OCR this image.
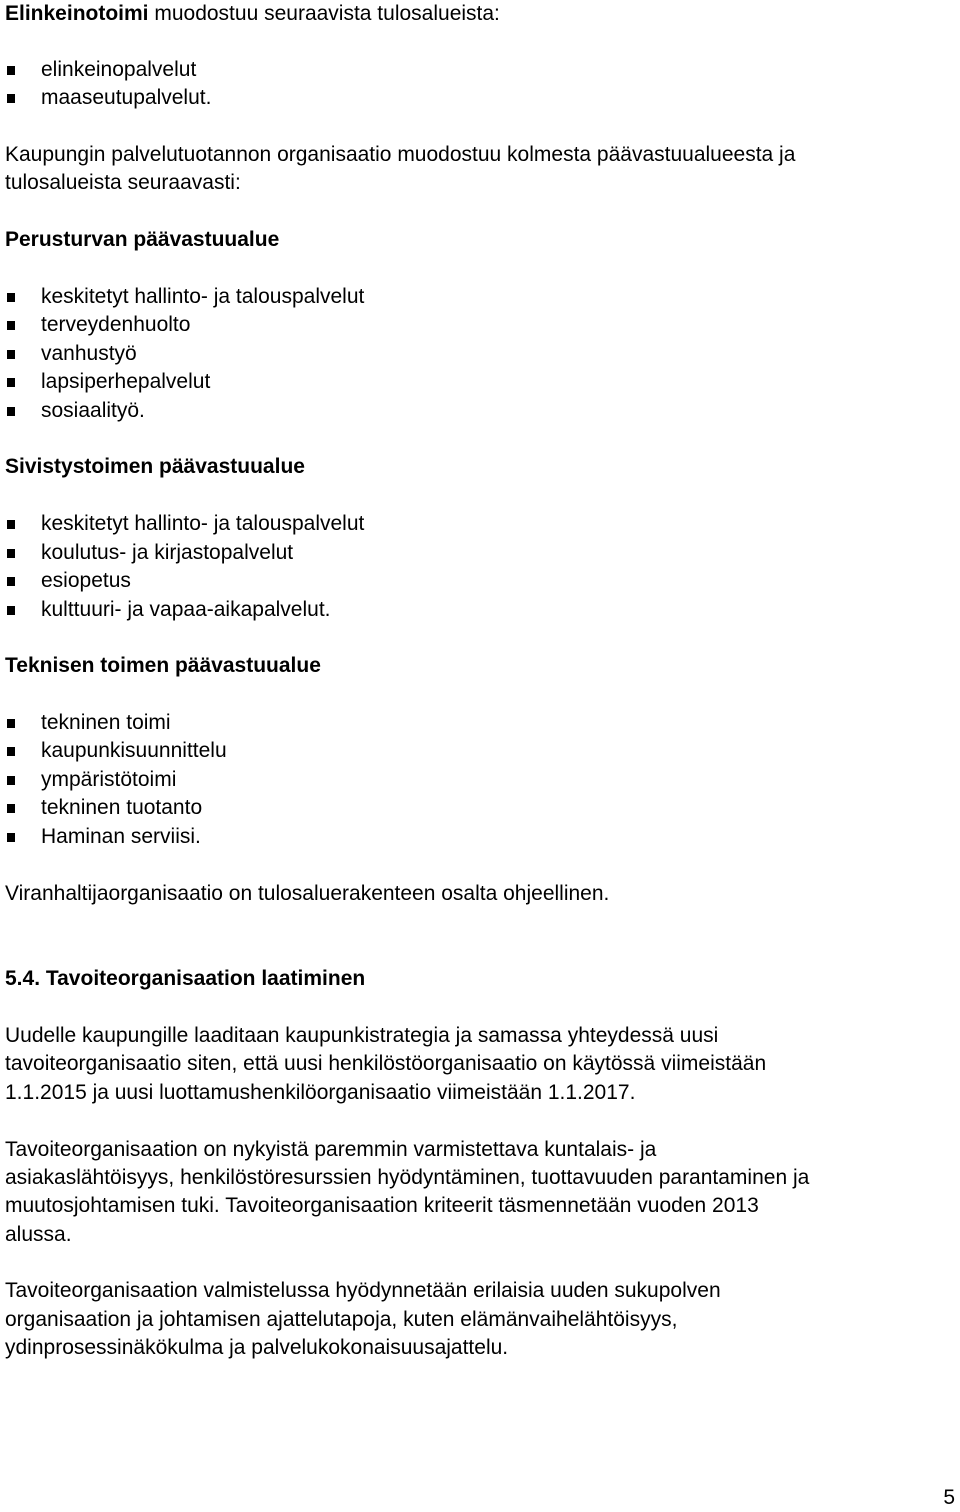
Elinkeinotoimi muodostuu seuraavista tulosalueista:
elinkeinopalvelut
maaseutupalvelut.
Kaupungin palvelutuotannon organisaatio muodostuu kolmesta päävastuualueesta ja
tulosalueista seuraavasti:
Perusturvan päävastuualue
keskitetyt hallinto- ja talouspalvelut
terveydenhuolto
vanhustyö
lapsiperhepalvelut
sosiaalityö.
Sivistystoimen päävastuualue
keskitetyt hallinto- ja talouspalvelut
koulutus- ja kirjastopalvelut
esiopetus
kulttuuri- ja vapaa-aikapalvelut.
Teknisen toimen päävastuualue
tekninen toimi
kaupunkisuunnittelu
ympäristötoimi
tekninen tuotanto
Haminan serviisi.
Viranhaltijaorganisaatio on tulosaluerakenteen osalta ohjeellinen.
5.4. Tavoiteorganisaation laatiminen
Uudelle kaupungille laaditaan kaupunkistrategia ja samassa yhteydessä uusi
tavoiteorganisaatio siten, että uusi henkilöstöorganisaatio on käytössä viimeistään
1.1.2015 ja uusi luottamushenkilöorganisaatio viimeistään 1.1.2017.
Tavoiteorganisaation on nykyistä paremmin varmistettava kuntalais- ja
asiakaslähtöisyys, henkilöstöresurssien hyödyntäminen, tuottavuuden parantaminen ja
muutosjohtamisen tuki. Tavoiteorganisaation kriteerit täsmennetään vuoden 2013
alussa.
Tavoiteorganisaation valmistelussa hyödynnetään erilaisia uuden sukupolven
organisaation ja johtamisen ajattelutapoja, kuten elämänvaihelähtöisyys,
ydinprosessinäkökulma ja palvelukokonaisuusajattelu.
5
